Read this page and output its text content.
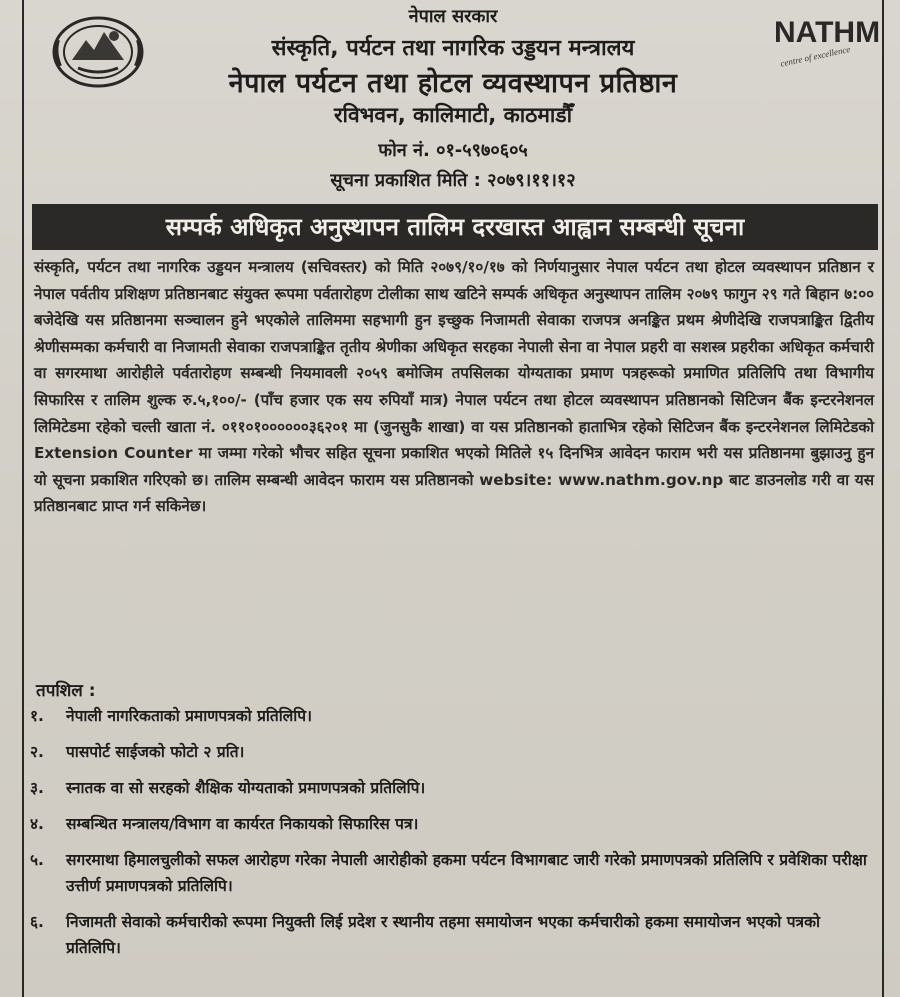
नेपाल सरकार
संस्कृति, पर्यटन तथा नागरिक उड्डयन मन्त्रालय
नेपाल पर्यटन तथा होटल व्यवस्थापन प्रतिष्ठान
रविभवन, कालिमाटी, काठमाडौँ
फोन नं. ०१-५९७०६०५
सूचना प्रकाशित मिति : २०७९।११।१२
NATHM
centre of excellence
सम्पर्क अधिकृत अनुस्थापन तालिम दरखास्त आह्वान सम्बन्धी सूचना
संस्कृति, पर्यटन तथा नागरिक उड्डयन मन्त्रालय (सचिवस्तर) को मिति २०७९/१०/१७ को निर्णयानुसार नेपाल पर्यटन तथा होटल व्यवस्थापन प्रतिष्ठान र नेपाल पर्वतीय प्रशिक्षण प्रतिष्ठानबाट संयुक्त रूपमा पर्वतारोहण टोलीका साथ खटिने सम्पर्क अधिकृत अनुस्थापन तालिम २०७९ फागुन २९ गते बिहान ७:०० बजेदेखि यस प्रतिष्ठानमा सञ्चालन हुने भएकोले तालिममा सहभागी हुन इच्छुक निजामती सेवाका राजपत्र अनङ्कित प्रथम श्रेणीदेखि राजपत्राङ्कित द्वितीय श्रेणीसम्मका कर्मचारी वा निजामती सेवाका राजपत्राङ्कित तृतीय श्रेणीका अधिकृत सरहका नेपाली सेना वा नेपाल प्रहरी वा सशस्त्र प्रहरीका अधिकृत कर्मचारी वा सगरमाथा आरोहीले पर्वतारोहण सम्बन्धी नियमावली २०५९ बमोजिम तपसिलका योग्यताका प्रमाण पत्रहरूको प्रमाणित प्रतिलिपि तथा विभागीय सिफारिस र तालिम शुल्क रु.५,१००/- (पाँच हजार एक सय रुपियाँ मात्र) नेपाल पर्यटन तथा होटल व्यवस्थापन प्रतिष्ठानको सिटिजन बैंक इन्टरनेशनल लिमिटेडमा रहेको चल्ती खाता नं. ०११०१००००००३६२०१ मा (जुनसुकै शाखा) वा यस प्रतिष्ठानको हाताभित्र रहेको सिटिजन बैंक इन्टरनेशनल लिमिटेडको Extension Counter मा जम्मा गरेको भौचर सहित सूचना प्रकाशित भएको मितिले १५ दिनभित्र आवेदन फाराम भरी यस प्रतिष्ठानमा बुझाउनु हुन यो सूचना प्रकाशित गरिएको छ। तालिम सम्बन्धी आवेदन फाराम यस प्रतिष्ठानको website: www.nathm.gov.np बाट डाउनलोड गरी वा यस प्रतिष्ठानबाट प्राप्त गर्न सकिनेछ।
तपशिल :
१. नेपाली नागरिकताको प्रमाणपत्रको प्रतिलिपि।
२. पासपोर्ट साईजको फोटो २ प्रति।
३. स्नातक वा सो सरहको शैक्षिक योग्यताको प्रमाणपत्रको प्रतिलिपि।
४. सम्बन्धित मन्त्रालय/विभाग वा कार्यरत निकायको सिफारिस पत्र।
५. सगरमाथा हिमालचुलीको सफल आरोहण गरेका नेपाली आरोहीको हकमा पर्यटन विभागबाट जारी गरेको प्रमाणपत्रको प्रतिलिपि र प्रवेशिका परीक्षा उत्तीर्ण प्रमाणपत्रको प्रतिलिपि।
६. निजामती सेवाको कर्मचारीको रूपमा नियुक्ती लिई प्रदेश र स्थानीय तहमा समायोजन भएका कर्मचारीको हकमा समायोजन भएको पत्रको प्रतिलिपि।
